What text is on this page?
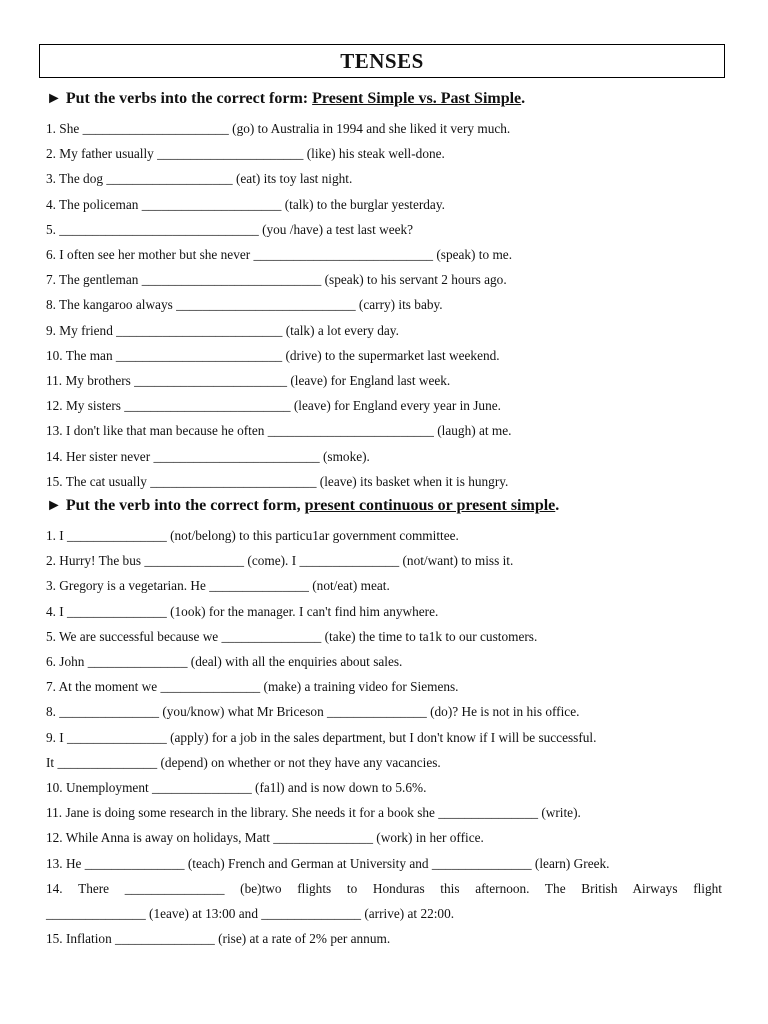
TENSES
► Put the verbs into the correct form: Present Simple vs. Past Simple.
1. She ______________________ (go) to Australia in 1994 and she liked it very much.
2. My father usually ______________________ (like) his steak well-done.
3. The dog ___________________ (eat) its toy last night.
4. The policeman _____________________ (talk) to the burglar yesterday.
5. ______________________________ (you /have) a test last week?
6. I often see her mother but she never ___________________________ (speak) to me.
7. The gentleman ___________________________ (speak) to his servant 2 hours ago.
8. The kangaroo always ___________________________ (carry) its baby.
9. My friend _________________________ (talk) a lot every day.
10. The man _________________________ (drive) to the supermarket last weekend.
11. My brothers _______________________ (leave) for England last week.
12. My sisters _________________________ (leave) for England every year in June.
13. I don't like that man because he often _________________________ (laugh) at me.
14. Her sister never _________________________ (smoke).
15. The cat usually _________________________ (leave) its basket when it is hungry.
► Put the verb into the correct form, present continuous or present simple.
1. I _______________ (not/belong) to this particu1ar government committee.
2. Hurry! The bus _______________ (come). I _______________ (not/want) to miss it.
3. Gregory is a vegetarian. He _______________ (not/eat) meat.
4. I _______________ (1ook) for the manager. I can't find him anywhere.
5. We are successful because we _______________ (take) the time to ta1k to our customers.
6. John _______________ (deal) with all the enquiries about sales.
7. At the moment we _______________ (make) a training video for Siemens.
8. _______________ (you/know) what Mr Briceson _______________ (do)? He is not in his office.
9. I _______________ (apply) for a job in the sales department, but I don't know if I will be successful.
It _______________ (depend) on whether or not they have any vacancies.
10. Unemployment _______________ (fa1l) and is now down to 5.6%.
11. Jane is doing some research in the library. She needs it for a book she _______________ (write).
12. While Anna is away on holidays, Matt _______________ (work) in her office.
13. He _______________ (teach) French and German at University and _______________ (learn) Greek.
14. There _______________ (be)two flights to Honduras this afternoon. The British Airways flight
_______________ (1eave) at 13:00 and _______________ (arrive) at 22:00.
15. Inflation _______________ (rise) at a rate of 2% per annum.
